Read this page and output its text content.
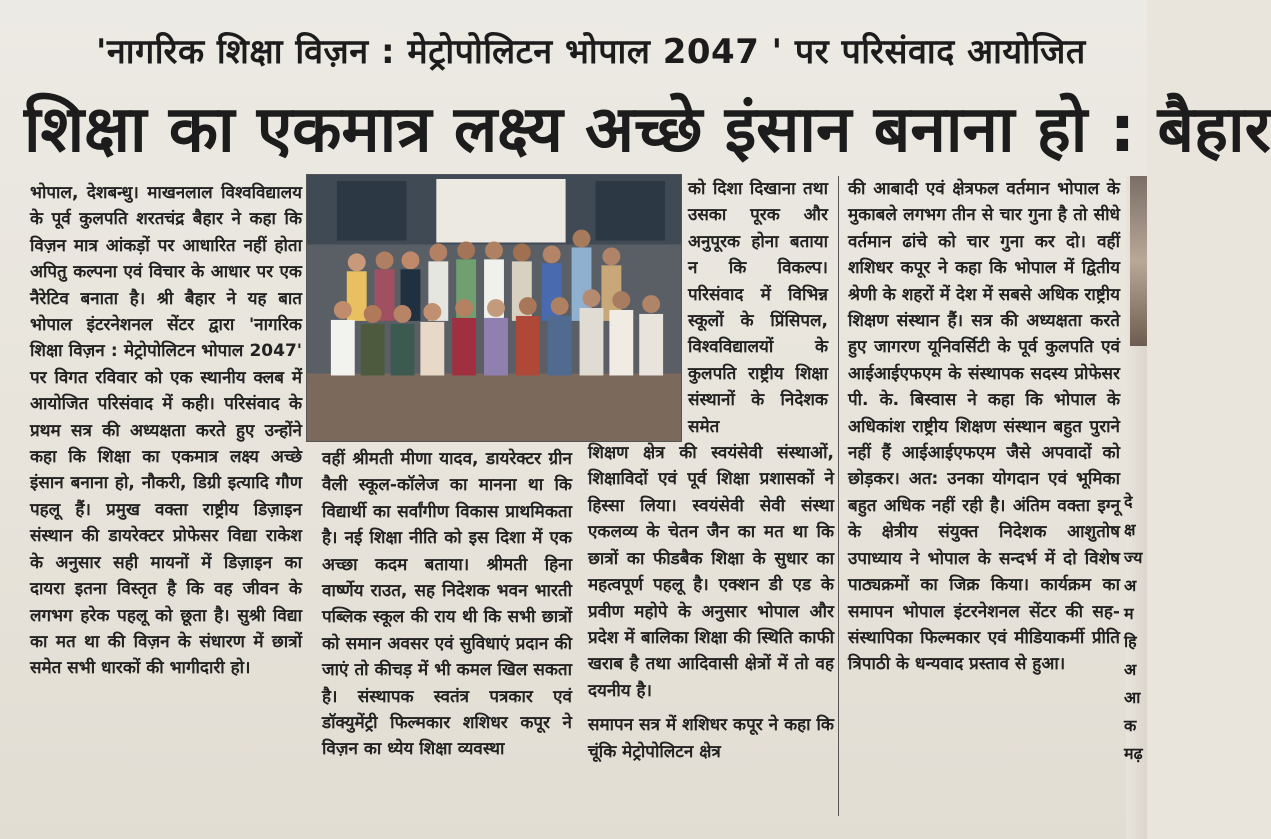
'नागरिक शिक्षा विज़न : मेट्रोपोलिटन भोपाल 2047 ' पर परिसंवाद आयोजित
शिक्षा का एकमात्र लक्ष्य अच्छे इंसान बनाना हो : बैहार

भोपाल, देशबन्धु। माखनलाल विश्वविद्यालय के पूर्व कुलपति शरतचंद्र बैहार ने कहा कि विज़न मात्र आंकड़ों पर आधारित नहीं होता अपितु कल्पना एवं विचार के आधार पर एक नैरेटिव बनाता है। श्री बैहार ने यह बात भोपाल इंटरनेशनल सेंटर द्वारा 'नागरिक शिक्षा विज़न : मेट्रोपोलिटन भोपाल 2047' पर विगत रविवार को एक स्थानीय क्लब में आयोजित परिसंवाद में कही। परिसंवाद के प्रथम सत्र की अध्यक्षता करते हुए उन्होंने कहा कि शिक्षा का एकमात्र लक्ष्य अच्छे इंसान बनाना हो, नौकरी, डिग्री इत्यादि गौण पहलू हैं। प्रमुख वक्ता राष्ट्रीय डिज़ाइन संस्थान की डायरेक्टर प्रोफेसर विद्या राकेश के अनुसार सही मायनों में डिज़ाइन का दायरा इतना विस्तृत है कि वह जीवन के लगभग हरेक पहलू को छूता है। सुश्री विद्या का मत था की विज़न के संधारण में छात्रों समेत सभी धारकों की भागीदारी हो।

वहीं श्रीमती मीणा यादव, डायरेक्टर ग्रीन वैली स्कूल-कॉलेज का मानना था कि विद्यार्थी का सर्वांगीण विकास प्राथमिकता है। नई शिक्षा नीति को इस दिशा में एक अच्छा कदम बताया। श्रीमती हिना वार्ष्णेय राउत, सह निदेशक भवन भारती पब्लिक स्कूल की राय थी कि सभी छात्रों को समान अवसर एवं सुविधाएं प्रदान की जाएं तो कीचड़ में भी कमल खिल सकता है। संस्थापक स्वतंत्र पत्रकार एवं डॉक्युमेंट्री फिल्मकार शशिधर कपूर ने विज़न का ध्येय शिक्षा व्यवस्था

को दिशा दिखाना तथा उसका पूरक और अनुपूरक होना बताया न कि विकल्प। परिसंवाद में विभिन्न स्कूलों के प्रिंसिपल, विश्वविद्यालयों के कुलपति राष्ट्रीय शिक्षा संस्थानों के निदेशक समेत

शिक्षण क्षेत्र की स्वयंसेवी संस्थाओं, शिक्षाविदों एवं पूर्व शिक्षा प्रशासकों ने हिस्सा लिया। स्वयंसेवी सेवी संस्था एकलव्य के चेतन जैन का मत था कि छात्रों का फीडबैक शिक्षा के सुधार का महत्वपूर्ण पहलू है। एक्शन डी एड के प्रवीण महोपे के अनुसार भोपाल और प्रदेश में बालिका शिक्षा की स्थिति काफी खराब है तथा आदिवासी क्षेत्रों में तो वह दयनीय है।

समापन सत्र में शशिधर कपूर ने कहा कि चूंकि मेट्रोपोलिटन क्षेत्र

की आबादी एवं क्षेत्रफल वर्तमान भोपाल के मुकाबले लगभग तीन से चार गुना है तो सीधे वर्तमान ढांचे को चार गुना कर दो। वहीं शशिधर कपूर ने कहा कि भोपाल में द्वितीय श्रेणी के शहरों में देश में सबसे अधिक राष्ट्रीय शिक्षण संस्थान हैं। सत्र की अध्यक्षता करते हुए जागरण यूनिवर्सिटी के पूर्व कुलपति एवं आईआईएफएम के संस्थापक सदस्य प्रोफेसर पी. के. बिस्वास ने कहा कि भोपाल के अधिकांश राष्ट्रीय शिक्षण संस्थान बहुत पुराने नहीं हैं आईआईएफएम जैसे अपवादों को छोड़कर। अत: उनका योगदान एवं भूमिका बहुत अधिक नहीं रही है। अंतिम वक्ता इग्नू के क्षेत्रीय संयुक्त निदेशक आशुतोष उपाध्याय ने भोपाल के सन्दर्भ में दो विशेष पाठ्यक्रमों का जिक्र किया। कार्यक्रम का समापन भोपाल इंटरनेशनल सेंटर की सह- संस्थापिका फिल्मकार एवं मीडियाकर्मी प्रीति त्रिपाठी के धन्यवाद प्रस्ताव से हुआ।

दे
क्ष
ज्य
अ
म
हि
अ
आ
क
मढ़
